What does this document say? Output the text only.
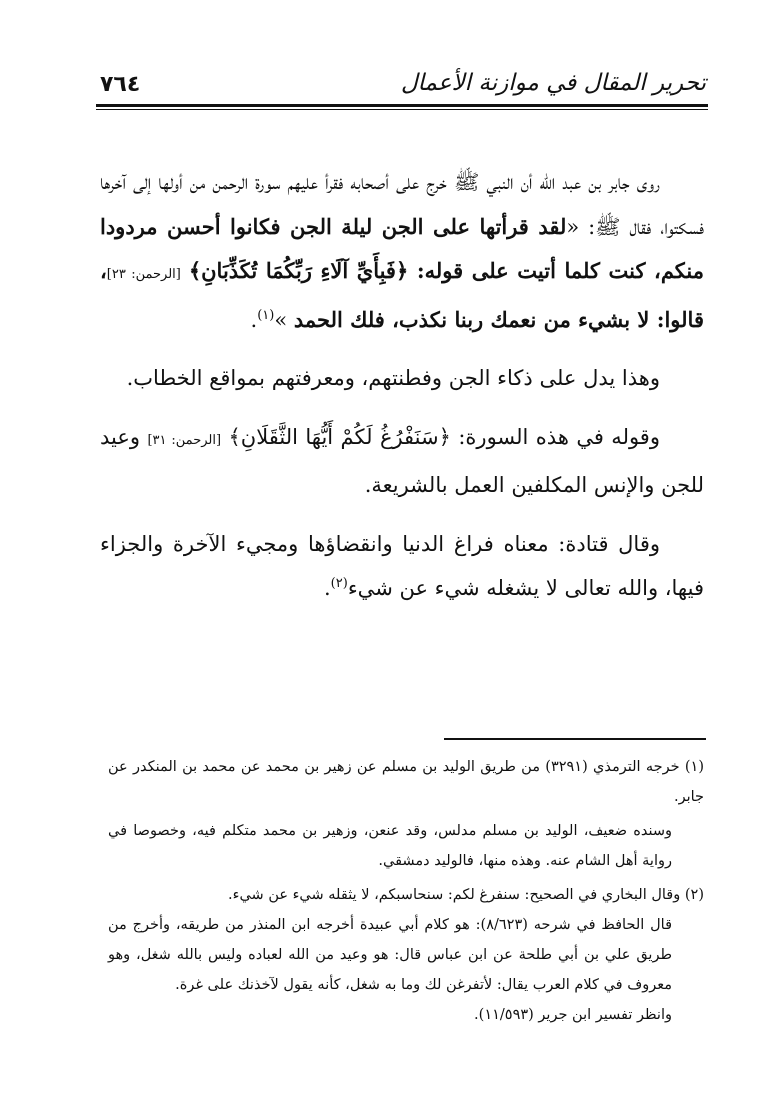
٧٦٤	تحرير المقال في موازنة الأعمال

روى جابر بن عبد الله أن النبي ﷺ خرج على أصحابه فقرأ عليهم سورة الرحمن من أولها إلى آخرها فسكتوا، فقال ﷺ: «لقد قرأتها على الجن ليلة الجن فكانوا أحسن مردودا منكم، كنت كلما أتيت على قوله: ﴿فَبِأَيِّ آلَاءِ رَبِّكُمَا تُكَذِّبَانِ﴾ [الرحمن: ٢٣]، قالوا: لا بشيء من نعمك ربنا نكذب، فلك الحمد »$^{(١)}$.

وهذا يدل على ذكاء الجن وفطنتهم، ومعرفتهم بمواقع الخطاب.

وقوله في هذه السورة: ﴿سَنَفْرُغُ لَكُمْ أَيُّهَا الثَّقَلَانِ﴾ [الرحمن: ٣١] وعيد للجن والإنس المكلفين العمل بالشريعة.

وقال قتادة: معناه فراغ الدنيا وانقضاؤها ومجيء الآخرة والجزاء فيها، والله تعالى لا يشغله شيء عن شيء$^{(٢)}$.

(١) خرجه الترمذي (٣٢٩١) من طريق الوليد بن مسلم عن زهير بن محمد عن محمد بن المنكدر عن جابر.

وسنده ضعيف، الوليد بن مسلم مدلس، وقد عنعن، وزهير بن محمد متكلم فيه، وخصوصا في رواية أهل الشام عنه. وهذه منها، فالوليد دمشقي.

(٢) وقال البخاري في الصحيح: سنفرغ لكم: سنحاسبكم، لا يثقله شيء عن شيء.

قال الحافظ في شرحه (٨/٦٢٣): هو كلام أبي عبيدة أخرجه ابن المنذر من طريقه، وأخرج من طريق علي بن أبي طلحة عن ابن عباس قال: هو وعيد من الله لعباده وليس بالله شغل، وهو معروف في كلام العرب يقال: لأتفرغن لك وما به شغل، كأنه يقول لآخذنك على غرة.

وانظر تفسير ابن جرير (١١/٥٩٣).
